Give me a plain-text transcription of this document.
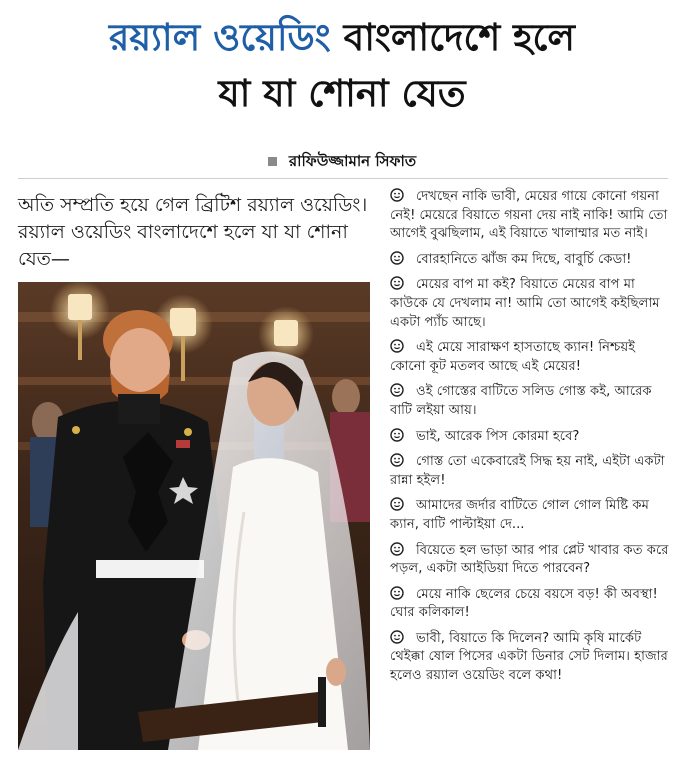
রয়্যাল ওয়েডিং বাংলাদেশে হলে
যা যা শোনা যেত
রাফিউজ্জামান সিফাত
অতি সম্প্রতি হয়ে গেল ব্রিটিশ রয়্যাল ওয়েডিং। রয়্যাল ওয়েডিং বাংলাদেশে হলে যা যা শোনা যেত—

দেখছেন নাকি ভাবী, মেয়ের গায়ে কোনো গয়না নেই! মেয়েরে বিয়াতে গয়না দেয় নাই নাকি! আমি তো আগেই বুঝছিলাম, এই বিয়াতে খালাম্মার মত নাই।

বোরহানিতে ঝাঁজ কম দিছে, বাবুর্চি কেডা!

মেয়ের বাপ মা কই? বিয়াতে মেয়ের বাপ মা কাউকে যে দেখলাম না! আমি তো আগেই কইছিলাম একটা প্যাঁচ আছে।

এই মেয়ে সারাক্ষণ হাসতাছে ক্যান! নিশ্চয়ই কোনো কূট মতলব আছে এই মেয়ের!

ওই গোস্তের বাটিতে সলিড গোস্ত কই, আরেক বাটি লইয়া আয়।

ভাই, আরেক পিস কোরমা হবে?

গোস্ত তো একেবারেই সিদ্ধ হয় নাই, এইটা একটা রান্না হইল!

আমাদের জর্দার বাটিতে গোল গোল মিষ্টি কম ক্যান, বাটি পাল্টাইয়া দে...

বিয়েতে হল ভাড়া আর পার প্লেট খাবার কত করে পড়ল, একটা আইডিয়া দিতে পারবেন?

মেয়ে নাকি ছেলের চেয়ে বয়সে বড়! কী অবস্থা! ঘোর কলিকাল!

ভাবী, বিয়াতে কি দিলেন? আমি কৃষি মার্কেট থেইক্কা ষোল পিসের একটা ডিনার সেট দিলাম। হাজার হলেও রয়্যাল ওয়েডিং বলে কথা!
